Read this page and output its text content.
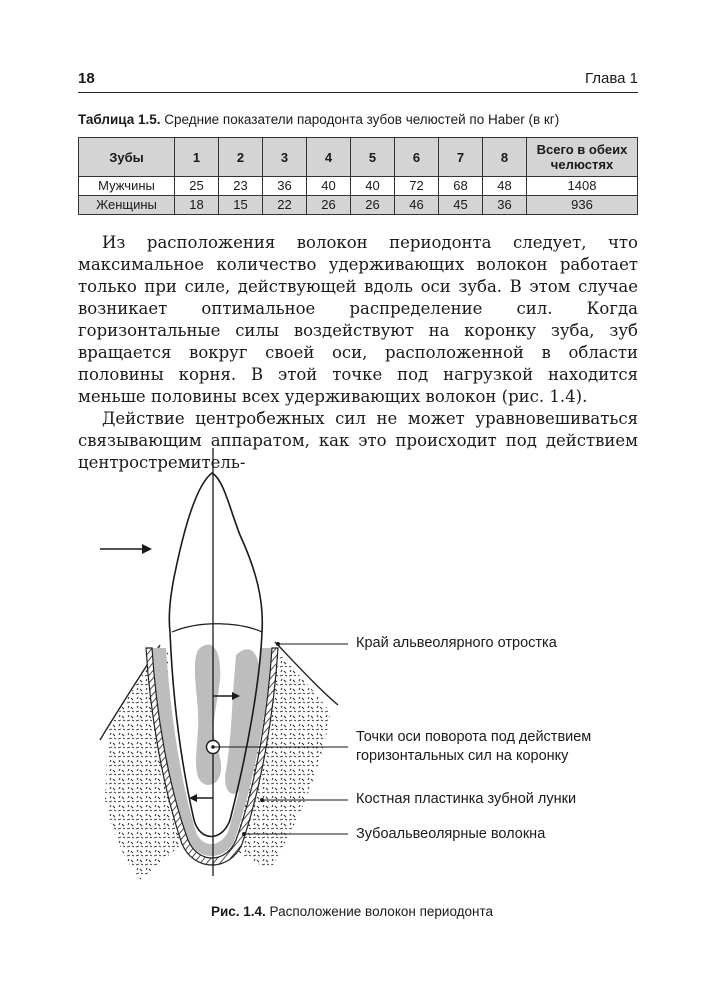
18	Глава 1
Таблица 1.5. Средние показатели пародонта зубов челюстей по Haber (в кг)
Зубы	1	2	3	4	5	6	7	8	Всего в обеих челюстях
Мужчины	25	23	36	40	40	72	68	48	1408
Женщины	18	15	22	26	26	46	45	36	936

Из расположения волокон периодонта следует, что максимальное количество удерживающих волокон работает только при силе, действующей вдоль оси зуба. В этом случае возникает оптимальное распределение сил. Когда горизонтальные силы воздействуют на коронку зуба, зуб вращается вокруг своей оси, расположенной в области половины корня. В этой точке под нагрузкой находится меньше половины всех удерживающих волокон (рис. 1.4).

Действие центробежных сил не может уравновешиваться связывающим аппаратом, как это происходит под действием центростремитель-

Край альвеолярного отростка
Точки оси поворота под действием
горизонтальных сил на коронку
Костная пластинка зубной лунки
Зубоальвеолярные волокна
Рис. 1.4. Расположение волокон периодонта
